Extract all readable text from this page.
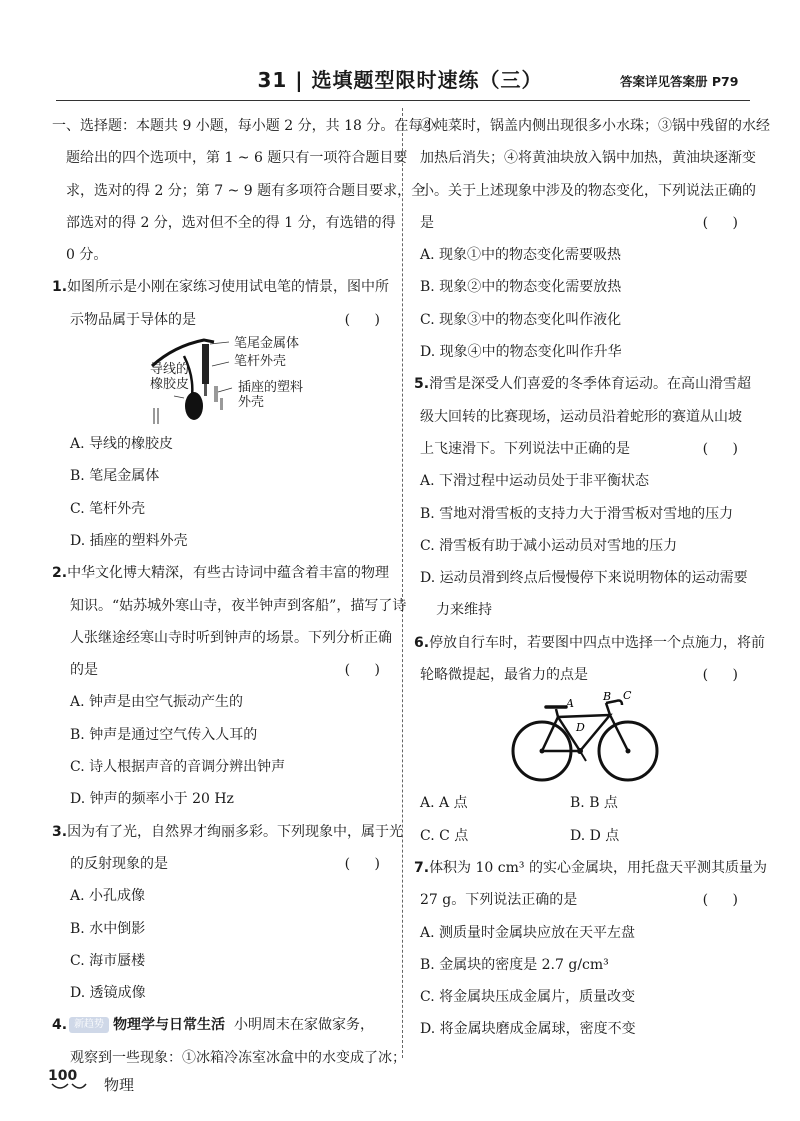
31 | 选填题型限时速练（三）	答案详见答案册 P79
一、选择题：本题共 9 小题，每小题 2 分，共 18 分。在每小
题给出的四个选项中，第 1 ~ 6 题只有一项符合题目要
求，选对的得 2 分；第 7 ~ 9 题有多项符合题目要求，全
部选对的得 2 分，选对但不全的得 1 分，有选错的得
0 分。
1.如图所示是小刚在家练习使用试电笔的情景，图中所
示物品属于导体的是	( )
笔尾金属体
笔杆外壳
导线的
橡胶皮	插座的塑料
外壳
A. 导线的橡胶皮
B. 笔尾金属体
C. 笔杆外壳
D. 插座的塑料外壳
2.中华文化博大精深，有些古诗词中蕴含着丰富的物理
知识。“姑苏城外寒山寺，夜半钟声到客船”，描写了诗
人张继途经寒山寺时听到钟声的场景。下列分析正确
的是	( )
A. 钟声是由空气振动产生的
B. 钟声是通过空气传入人耳的
C. 诗人根据声音的音调分辨出钟声
D. 钟声的频率小于 20 Hz
3.因为有了光，自然界才绚丽多彩。下列现象中，属于光
的反射现象的是	( )
A. 小孔成像
B. 水中倒影
C. 海市蜃楼
D. 透镜成像
4. 新趋势 物理学与日常生活 小明周末在家做家务，
观察到一些现象：①冰箱冷冻室冰盒中的水变成了冰；
②炖菜时，锅盖内侧出现很多小水珠；③锅中残留的水经
加热后消失；④将黄油块放入锅中加热，黄油块逐渐变
小。关于上述现象中涉及的物态变化，下列说法正确的
是	( )
A. 现象①中的物态变化需要吸热
B. 现象②中的物态变化需要放热
C. 现象③中的物态变化叫作液化
D. 现象④中的物态变化叫作升华
5.滑雪是深受人们喜爱的冬季体育运动。在高山滑雪超
级大回转的比赛现场，运动员沿着蛇形的赛道从山坡
上飞速滑下。下列说法中正确的是	( )
A. 下滑过程中运动员处于非平衡状态
B. 雪地对滑雪板的支持力大于滑雪板对雪地的压力
C. 滑雪板有助于减小运动员对雪地的压力
D. 运动员滑到终点后慢慢停下来说明物体的运动需要
力来维持
6.停放自行车时，若要图中四点中选择一个点施力，将前
轮略微提起，最省力的点是	( )
A
B C
D
A. A 点	B. B 点
C. C 点	D. D 点
7.体积为 10 cm³ 的实心金属块，用托盘天平测其质量为
27 g。下列说法正确的是	( )
A. 测质量时金属块应放在天平左盘
B. 金属块的密度是 2.7 g/cm³
C. 将金属块压成金属片，质量改变
D. 将金属块磨成金属球，密度不变
100 物理
